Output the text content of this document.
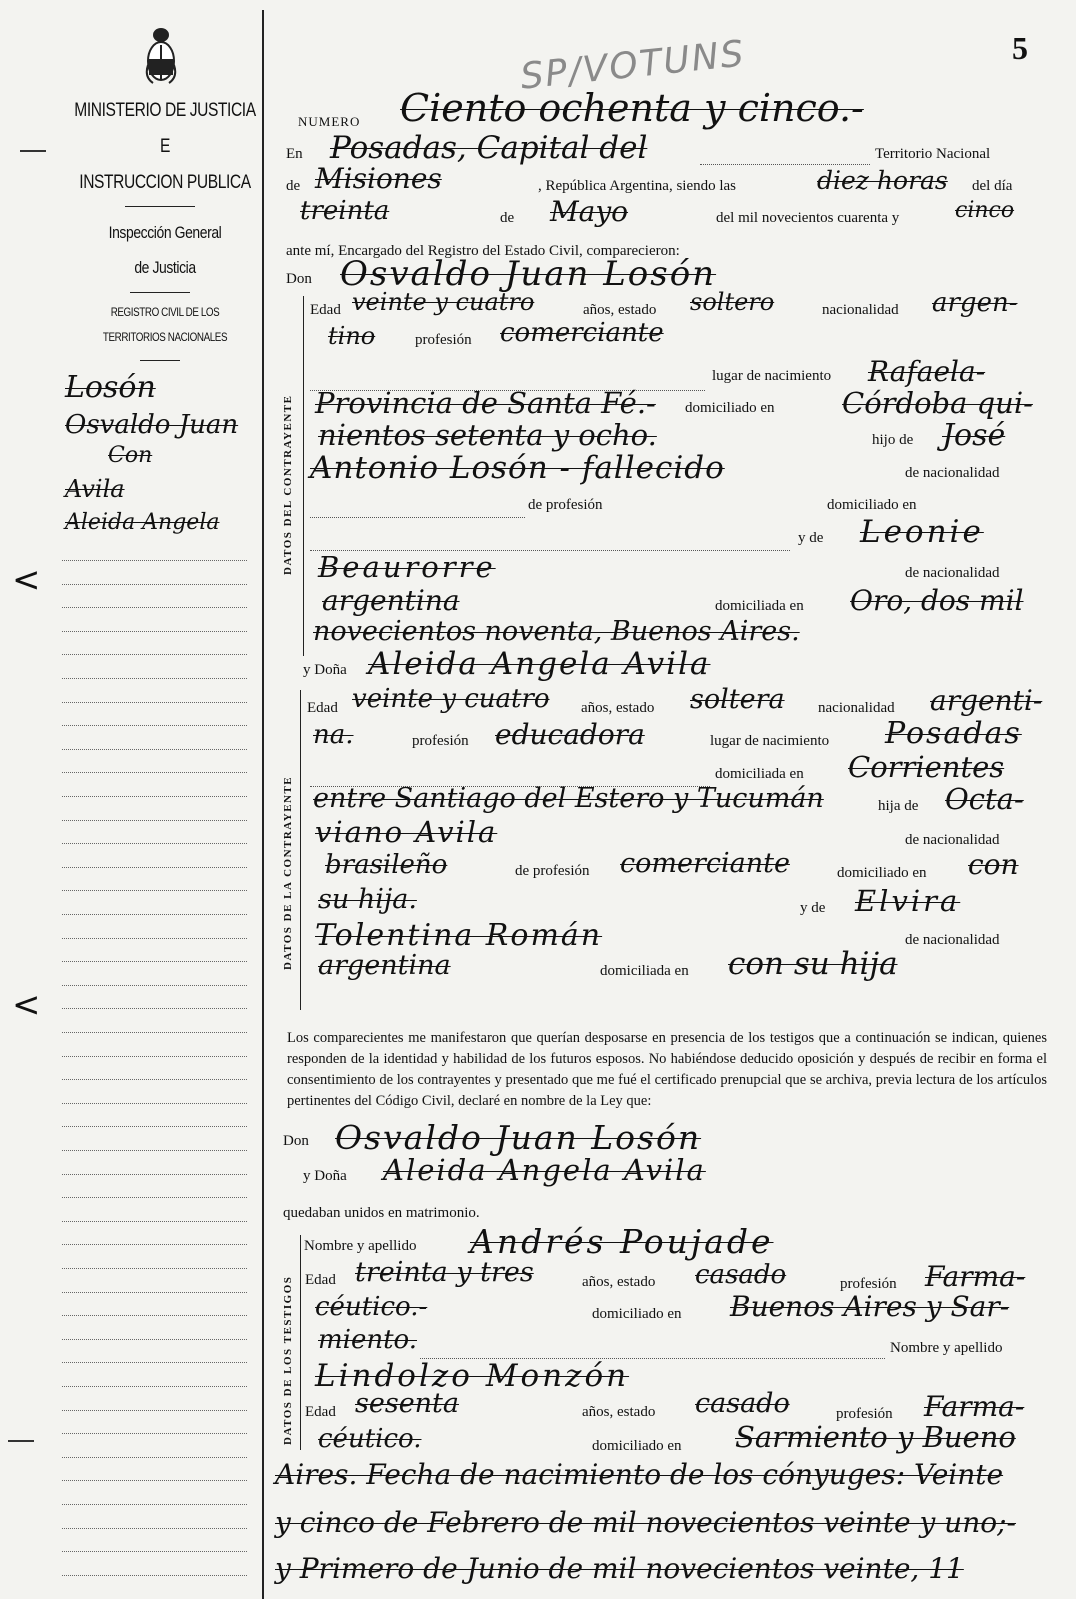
5
SP/VOTUNS
MINISTERIO DE JUSTICIA
E
INSTRUCCION PUBLICA
Inspección General
de Justicia
REGISTRO CIVIL DE LOS
TERRITORIOS NACIONALES
Losón
Osvaldo Juan
Con
Avila
Aleida Angela
<
<
DATOS DEL CONTRAYENTE
DATOS DE LA CONTRAYENTE
DATOS DE LOS TESTIGOS
NUMERO Ciento ochenta y cinco.-
En Posadas, Capital del	Territorio Nacional
de Misiones	, República Argentina, siendo las	diez horas del día
treinta	de Mayo	del mil novecientos cuarenta y	cinco
ante mí, Encargado del Registro del Estado Civil, comparecieron:
Don Osvaldo Juan Losón
Edad veinte y cuatro	años, estado soltero	nacionalidad argen-
tino	profesión comerciante
lugar de nacimiento Rafaela-
Provincia de Santa Fé.- domiciliado en Córdoba qui-
nientos setenta y ocho.	hijo de José
Antonio Losón - fallecido	de nacionalidad
de profesión	domiciliado en
y de Leonie
Beaurorre	de nacionalidad
argentina	domiciliada en Oro, dos mil
novecientos noventa, Buenos Aires.
y Doña Aleida Angela Avila
Edad veinte y cuatro años, estado soltera nacionalidad argenti-
na.	profesión educadora	lugar de nacimiento Posadas
domiciliada en Corrientes
entre Santiago del Estero y Tucumán	hija de Octa-
viano Avila	de nacionalidad
brasileño	de profesión comerciante	domiciliado en con
su hija.	y de Elvira
Tolentina Román	de nacionalidad
argentina	domiciliada en con su hija
Los comparecientes me manifestaron que querían desposarse en presencia de los testigos que a continuación se indican, quienes responden de la identidad y habilidad de los futuros esposos. No habiéndose deducido oposición y después de recibir en forma el consentimiento de los contrayentes y presentado que me fué el certificado prenupcial que se archiva, previa lectura de los artículos pertinentes del Código Civil, declaré en nombre de la Ley que:
Don Osvaldo Juan Losón
y Doña Aleida Angela Avila
quedaban unidos en matrimonio.
Nombre y apellido Andrés Poujade
Edad treinta y tres	años, estado casado	profesión Farma-
céutico.-	domiciliado en Buenos Aires y Sar-
miento.	Nombre y apellido
Lindolzo Monzón
Edad sesenta	años, estado casado	profesión Farma-
céutico.	domiciliado en Sarmiento y Bueno
Aires. Fecha de nacimiento de los cónyuges: Veinte
y cinco de Febrero de mil novecientos veinte y uno;-
y Primero de Junio de mil novecientos veinte, 11
